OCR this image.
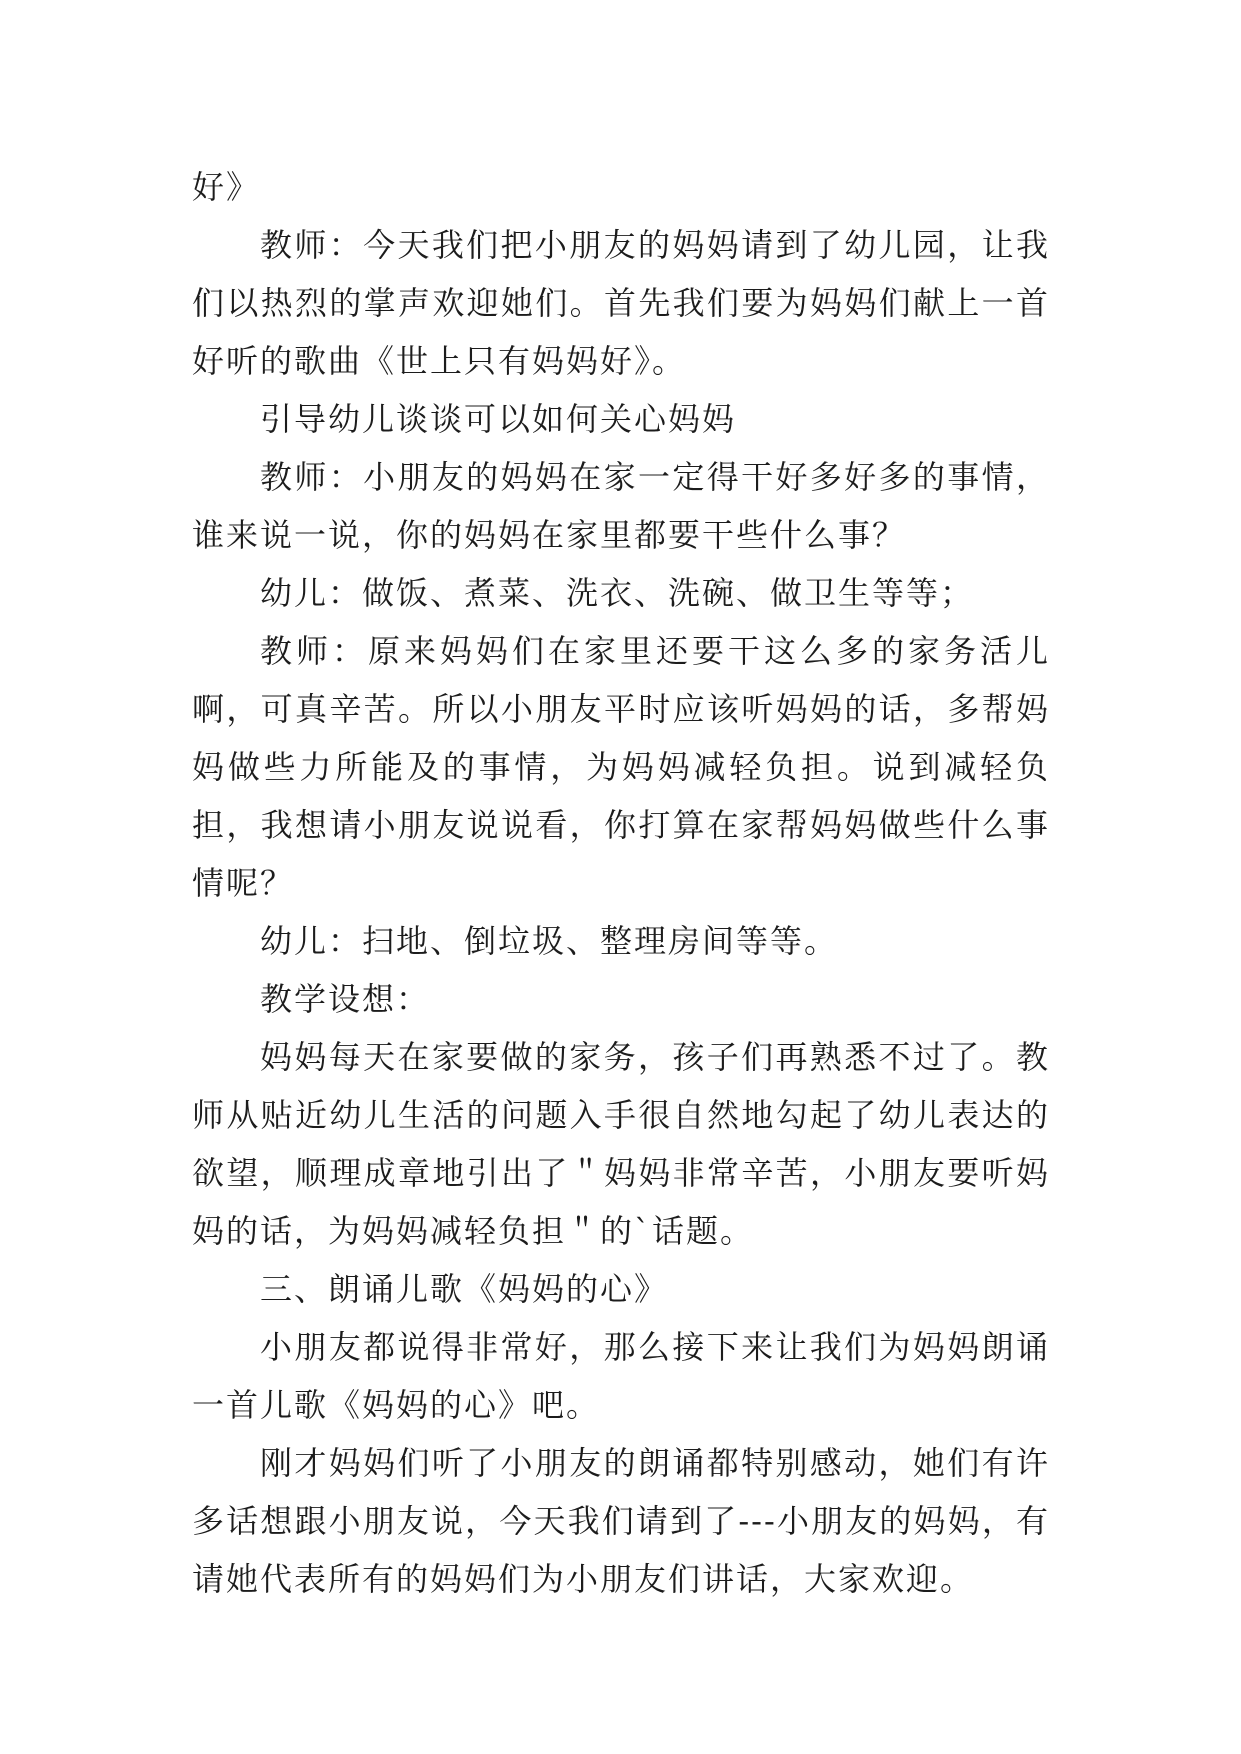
好》

教师：今天我们把小朋友的妈妈请到了幼儿园，让我们以热烈的掌声欢迎她们。首先我们要为妈妈们献上一首好听的歌曲《世上只有妈妈好》。

引导幼儿谈谈可以如何关心妈妈

教师：小朋友的妈妈在家一定得干好多好多的事情，谁来说一说，你的妈妈在家里都要干些什么事？

幼儿：做饭、煮菜、洗衣、洗碗、做卫生等等；

教师：原来妈妈们在家里还要干这么多的家务活儿啊，可真辛苦。所以小朋友平时应该听妈妈的话，多帮妈妈做些力所能及的事情，为妈妈减轻负担。说到减轻负担，我想请小朋友说说看，你打算在家帮妈妈做些什么事情呢？

幼儿：扫地、倒垃圾、整理房间等等。

教学设想：

妈妈每天在家要做的家务，孩子们再熟悉不过了。教师从贴近幼儿生活的问题入手很自然地勾起了幼儿表达的欲望，顺理成章地引出了＂妈妈非常辛苦，小朋友要听妈妈的话，为妈妈减轻负担＂的`话题。

三、朗诵儿歌《妈妈的心》

小朋友都说得非常好，那么接下来让我们为妈妈朗诵一首儿歌《妈妈的心》吧。

刚才妈妈们听了小朋友的朗诵都特别感动，她们有许多话想跟小朋友说，今天我们请到了---小朋友的妈妈，有请她代表所有的妈妈们为小朋友们讲话，大家欢迎。
